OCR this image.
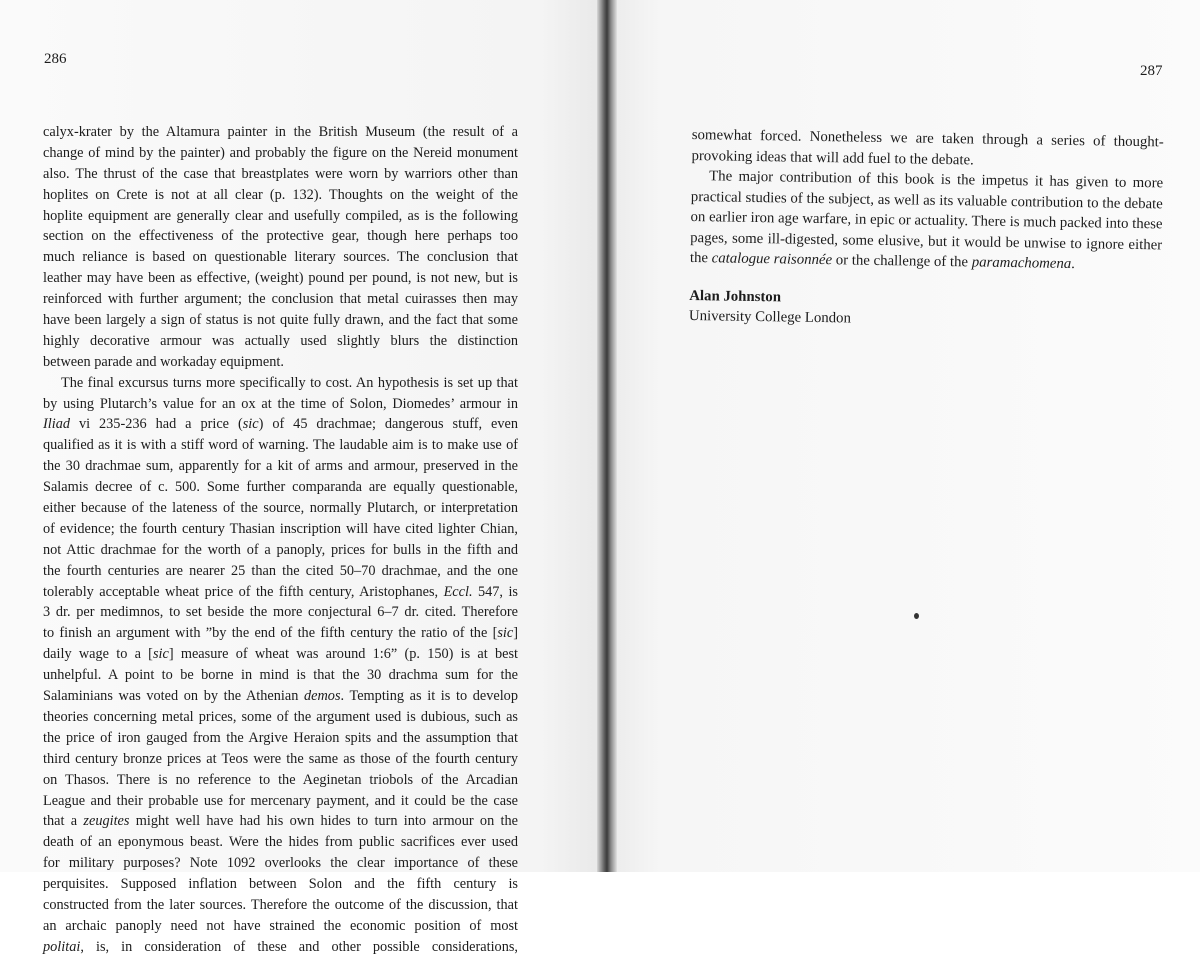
286
calyx-krater by the Altamura painter in the British Museum (the result of a
change of mind by the painter) and probably the figure on the Nereid monument
also. The thrust of the case that breastplates were worn by warriors other than
hoplites on Crete is not at all clear (p. 132). Thoughts on the weight of the
hoplite equipment are generally clear and usefully compiled, as is the following
section on the effectiveness of the protective gear, though here perhaps too
much reliance is based on questionable literary sources. The conclusion that
leather may have been as effective, (weight) pound per pound, is not new, but is
reinforced with further argument; the conclusion that metal cuirasses then may
have been largely a sign of status is not quite fully drawn, and the fact that some
highly decorative armour was actually used slightly blurs the distinction
between parade and workaday equipment.
The final excursus turns more specifically to cost. An hypothesis is set up that
by using Plutarch’s value for an ox at the time of Solon, Diomedes’ armour in
Iliad vi 235-236 had a price (sic) of 45 drachmae; dangerous stuff, even
qualified as it is with a stiff word of warning. The laudable aim is to make use of
the 30 drachmae sum, apparently for a kit of arms and armour, preserved in the
Salamis decree of c. 500. Some further comparanda are equally questionable,
either because of the lateness of the source, normally Plutarch, or interpretation
of evidence; the fourth century Thasian inscription will have cited lighter Chian,
not Attic drachmae for the worth of a panoply, prices for bulls in the fifth and
the fourth centuries are nearer 25 than the cited 50–70 drachmae, and the one
tolerably acceptable wheat price of the fifth century, Aristophanes, Eccl. 547, is
3 dr. per medimnos, to set beside the more conjectural 6–7 dr. cited. Therefore
to finish an argument with ”by the end of the fifth century the ratio of the [sic]
daily wage to a [sic] measure of wheat was around 1:6” (p. 150) is at best
unhelpful. A point to be borne in mind is that the 30 drachma sum for the
Salaminians was voted on by the Athenian demos. Tempting as it is to develop
theories concerning metal prices, some of the argument used is dubious, such as
the price of iron gauged from the Argive Heraion spits and the assumption that
third century bronze prices at Teos were the same as those of the fourth century
on Thasos. There is no reference to the Aeginetan triobols of the Arcadian
League and their probable use for mercenary payment, and it could be the case
that a zeugites might well have had his own hides to turn into armour on the
death of an eponymous beast. Were the hides from public sacrifices ever used
for military purposes? Note 1092 overlooks the clear importance of these
perquisites. Supposed inflation between Solon and the fifth century is
constructed from the later sources. Therefore the outcome of the discussion, that
an archaic panoply need not have strained the economic position of most
politai, is, in consideration of these and other possible considerations,
287
somewhat forced. Nonetheless we are taken through a series of thought-
provoking ideas that will add fuel to the debate.
The major contribution of this book is the impetus it has given to more
practical studies of the subject, as well as its valuable contribution to the debate
on earlier iron age warfare, in epic or actuality. There is much packed into these
pages, some ill-digested, some elusive, but it would be unwise to ignore either
the catalogue raisonnée or the challenge of the paramachomena.
Alan Johnston
University College London
